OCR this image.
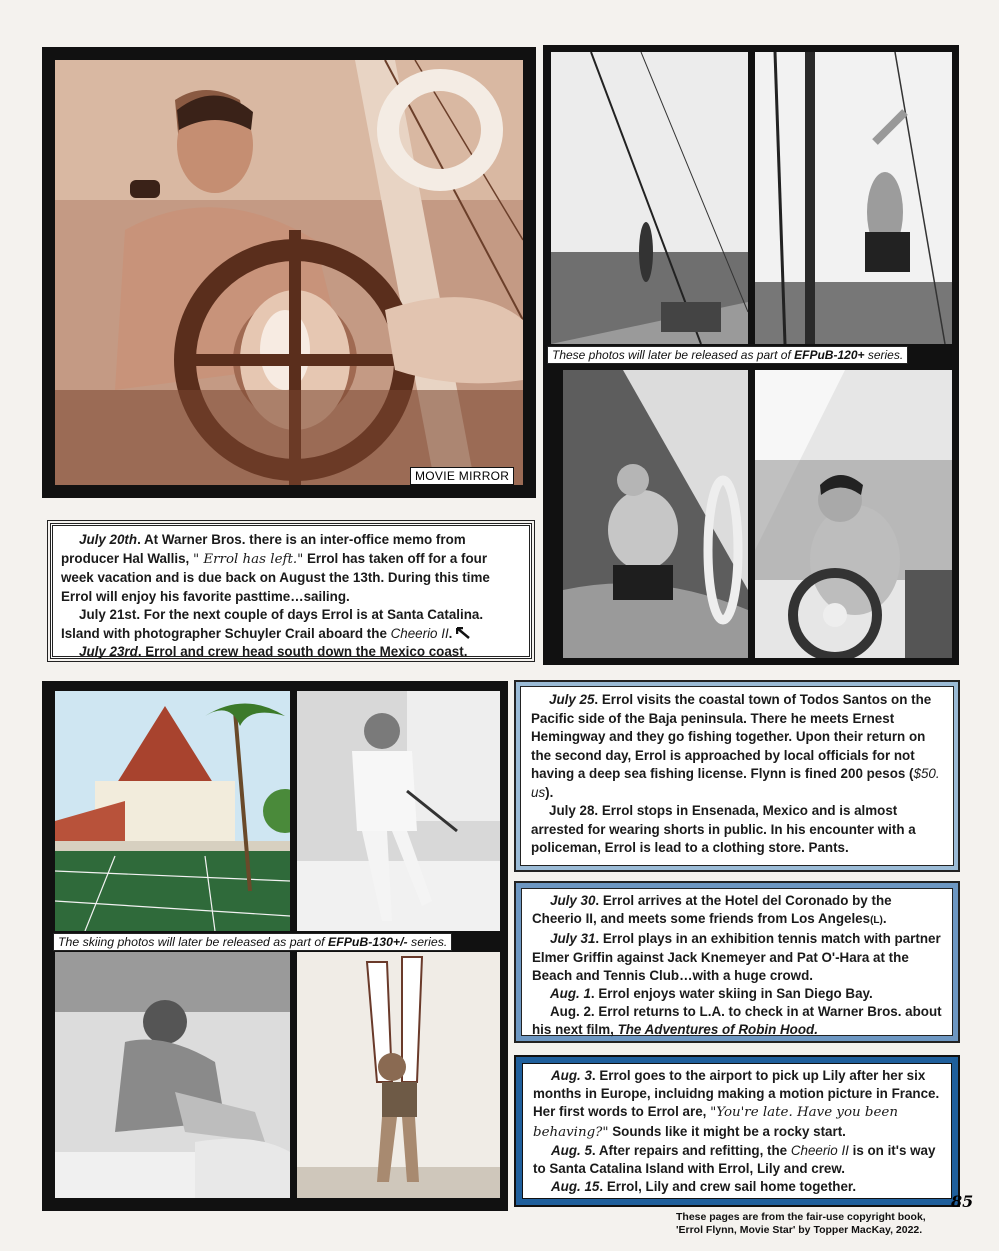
MOVIE MIRROR
These photos will later be released as part of EFPuB-120+ series.

July 20th. At Warner Bros. there is an inter-office memo from producer Hal Wallis, " Errol has left." Errol has taken off for a four week vacation and is due back on August the 13th. During this time Errol will enjoy his favorite pasttime…sailing.

July 21st. For the next couple of days Errol is at Santa Catalina. Island with photographer Schuyler Crail aboard the Cheerio II.

July 23rd. Errol and crew head south down the Mexico coast.

The skiing photos will later be released as part of EFPuB-130+/- series.

July 25. Errol visits the coastal town of Todos Santos on the Pacific side of the Baja peninsula. There he meets Ernest Hemingway and they go fishing together. Upon their return on the second day, Errol is approached by local officials for not having a deep sea fishing license. Flynn is fined 200 pesos ($50. us).

July 28. Errol stops in Ensenada, Mexico and is almost arrested for wearing shorts in public. In his encounter with a policeman, Errol is lead to a clothing store. Pants.

July 30. Errol arrives at the Hotel del Coronado by the Cheerio II, and meets some friends from Los Angeles(L).

July 31. Errol plays in an exhibition tennis match with partner Elmer Griffin against Jack Knemeyer and Pat O'-Hara at the Beach and Tennis Club…with a huge crowd.

Aug. 1. Errol enjoys water skiing in San Diego Bay.

Aug. 2. Errol returns to L.A. to check in at Warner Bros. about his next film, The Adventures of Robin Hood.

Aug. 3. Errol goes to the airport to pick up Lily after her six months in Europe, incluidng making a motion picture in France. Her first words to Errol are, "You're late. Have you been behaving?" Sounds like it might be a rocky start.

Aug. 5. After repairs and refitting, the Cheerio II is on it's way to Santa Catalina Island with Errol, Lily and crew.

Aug. 15. Errol, Lily and crew sail home together.

85
These pages are from the fair-use copyright book,
'Errol Flynn, Movie Star' by Topper MacKay, 2022.
